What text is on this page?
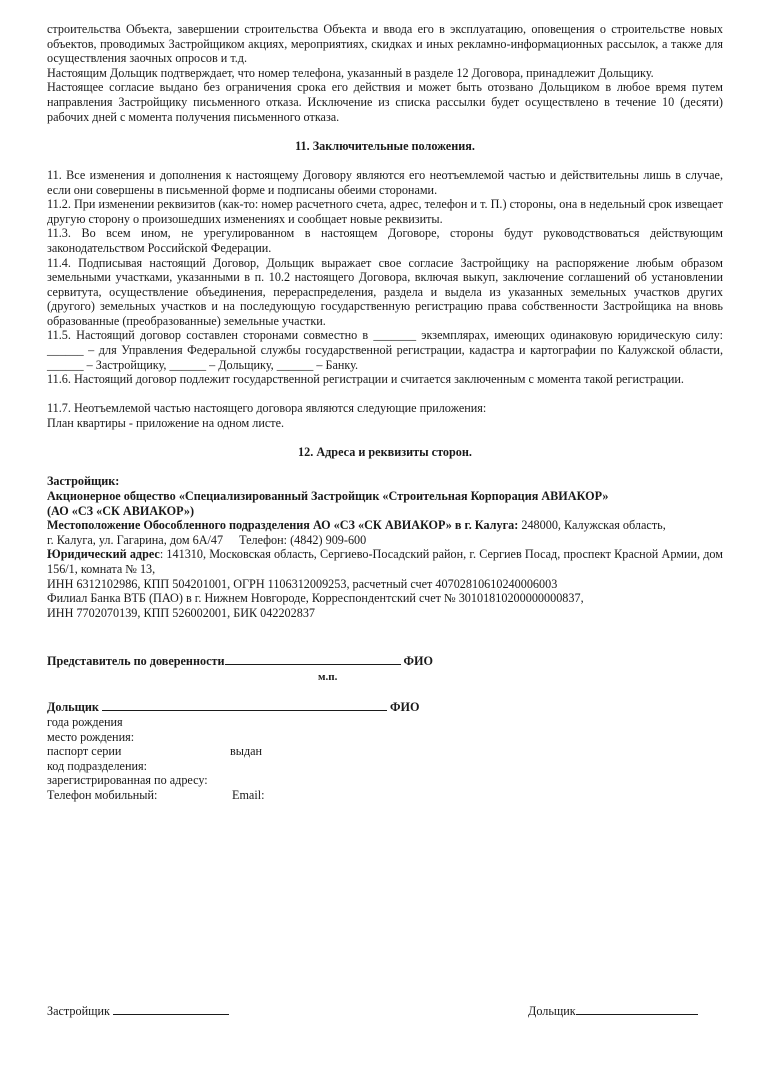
строительства Объекта, завершении строительства Объекта и ввода его в эксплуатацию, оповещения о строительстве новых объектов, проводимых Застройщиком акциях, мероприятиях, скидках и иных рекламно-информационных рассылок, а также для осуществления заочных опросов и т.д.

Настоящим Дольщик подтверждает, что номер телефона, указанный в разделе 12 Договора, принадлежит Дольщику.

Настоящее согласие выдано без ограничения срока его действия и может быть отозвано Дольщиком в любое время путем направления Застройщику письменного отказа. Исключение из списка рассылки будет осуществлено в течение 10 (десяти) рабочих дней с момента получения письменного отказа.

11. Заключительные положения.

11. Все изменения и дополнения к настоящему Договору являются его неотъемлемой частью и действительны лишь в случае, если они совершены в письменной форме и подписаны обеими сторонами.

11.2. При изменении реквизитов (как-то: номер расчетного счета, адрес, телефон и т. П.) стороны, она в недельный срок извещает другую сторону о произошедших изменениях и сообщает новые реквизиты.

11.3. Во всем ином, не урегулированном в настоящем Договоре, стороны будут руководствоваться действующим законодательством Российской Федерации.

11.4. Подписывая настоящий Договор, Дольщик выражает свое согласие Застройщику на распоряжение любым образом земельными участками, указанными в п. 10.2 настоящего Договора, включая выкуп, заключение соглашений об установлении сервитута, осуществление объединения, перераспределения, раздела и выдела из указанных земельных участков других (другого) земельных участков и на последующую государственную регистрацию права собственности Застройщика на вновь образованные (преобразованные) земельные участки.

11.5. Настоящий договор составлен сторонами совместно в _______ экземплярах, имеющих одинаковую юридическую силу: ______ – для Управления Федеральной службы государственной регистрации, кадастра и картографии по Калужской области, ______ – Застройщику, ______ – Дольщику, ______ – Банку.

11.6. Настоящий договор подлежит государственной регистрации и считается заключенным с момента такой регистрации.

11.7. Неотъемлемой частью настоящего договора являются следующие приложения:

План квартиры - приложение на одном листе.

12. Адреса и реквизиты сторон.

Застройщик:

Акционерное общество «Специализированный Застройщик «Строительная Корпорация АВИАКОР»

(АО «СЗ «СК АВИАКОР»)

Местоположение Обособленного подразделения АО «СЗ «СК АВИАКОР» в г. Калуга: 248000, Калужская область,

г. Калуга, ул. Гагарина, дом 6А/47 Телефон: (4842) 909-600

Юридический адрес: 141310, Московская область, Сергиево-Посадский район, г. Сергиев Посад, проспект Красной Армии, дом 156/1, комната № 13,

ИНН 6312102986, КПП 504201001, ОГРН 1106312009253, расчетный счет 40702810610240006003

Филиал Банка ВТБ (ПАО) в г. Нижнем Новгороде, Корреспондентский счет № 30101810200000000837,

ИНН 7702070139, КПП 526002001, БИК 042202837

Представитель по доверенности	ФИО
м.п.
Дольщик	ФИО
года рождения
место рождения:
паспорт серии	выдан
код подразделения:
зарегистрированная по адресу:
Телефон мобильный:	Email:
Застройщик	Дольщик
